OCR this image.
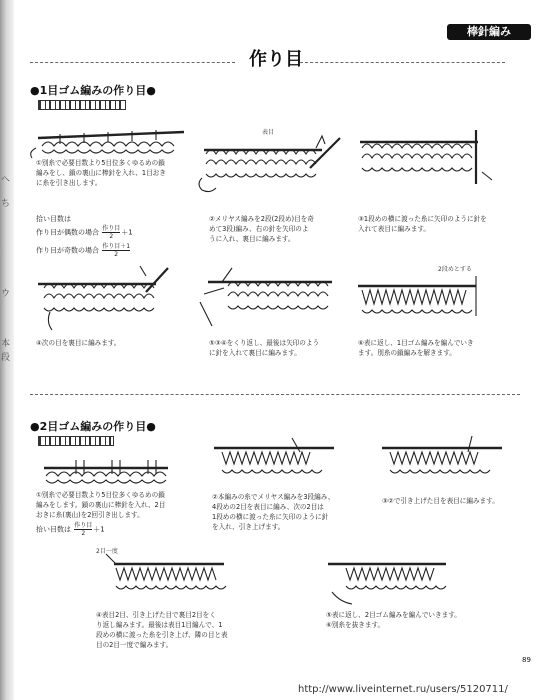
へ
ち
ウ
本
段
棒針編み
作り目
●1目ゴム編みの作り目●
①別糸で必要目数より5目位多くゆるめの鎖
編みをし、鎖の裏山に棒針を入れ、1目おき
に糸を引き出します。
拾い目数は
作り目が偶数の場合 $\frac{\text{作り目}}{2} +1$
作り目が奇数の場合 $\frac{\text{作り目＋1}}{2}$
表目
②メリヤス編みを2段(2段め)目を奇
めて3段)編み、右の針を矢印のよ
うに入れ、裏目に編みます。
③1段めの横に渡った糸に矢印のように針を
入れて表目に編みます。
④次の目を裏目に編みます。	⑤③④をくり返し、最後は矢印のよう
に針を入れて裏目に編みます。
2段めとする
⑥表に返し、1目ゴム編みを編んでいき
ます。別糸の鎖編みを解きます。
●2目ゴム編みの作り目●
①別糸で必要目数より5目位多くゆるめの鎖
編みをします。鎖の裏山に棒針を入れ、2目
おきに糸(裏山)を2回引き出します。
拾い目数は $\frac{\text{作り目}}{2} +1$
②本編みの糸でメリヤス編みを3段編み、
4段めの2目を表目に編み、次の2目は
1段めの横に渡った糸に矢印のように針
を入れ、引き上げます。
③②で引き上げた目を表目に編みます。
2目一度
④表目2目、引き上げた目で裏目2目をく
り返し編みます。最後は表目1目編んで、1
段めの横に渡った糸を引き上げ、隣の目と表
目の2目一度で編みます。
⑤表に返し、2目ゴム編みを編んでいきます。
⑥別糸を抜きます。
89
http://www.liveinternet.ru/users/5120711/
